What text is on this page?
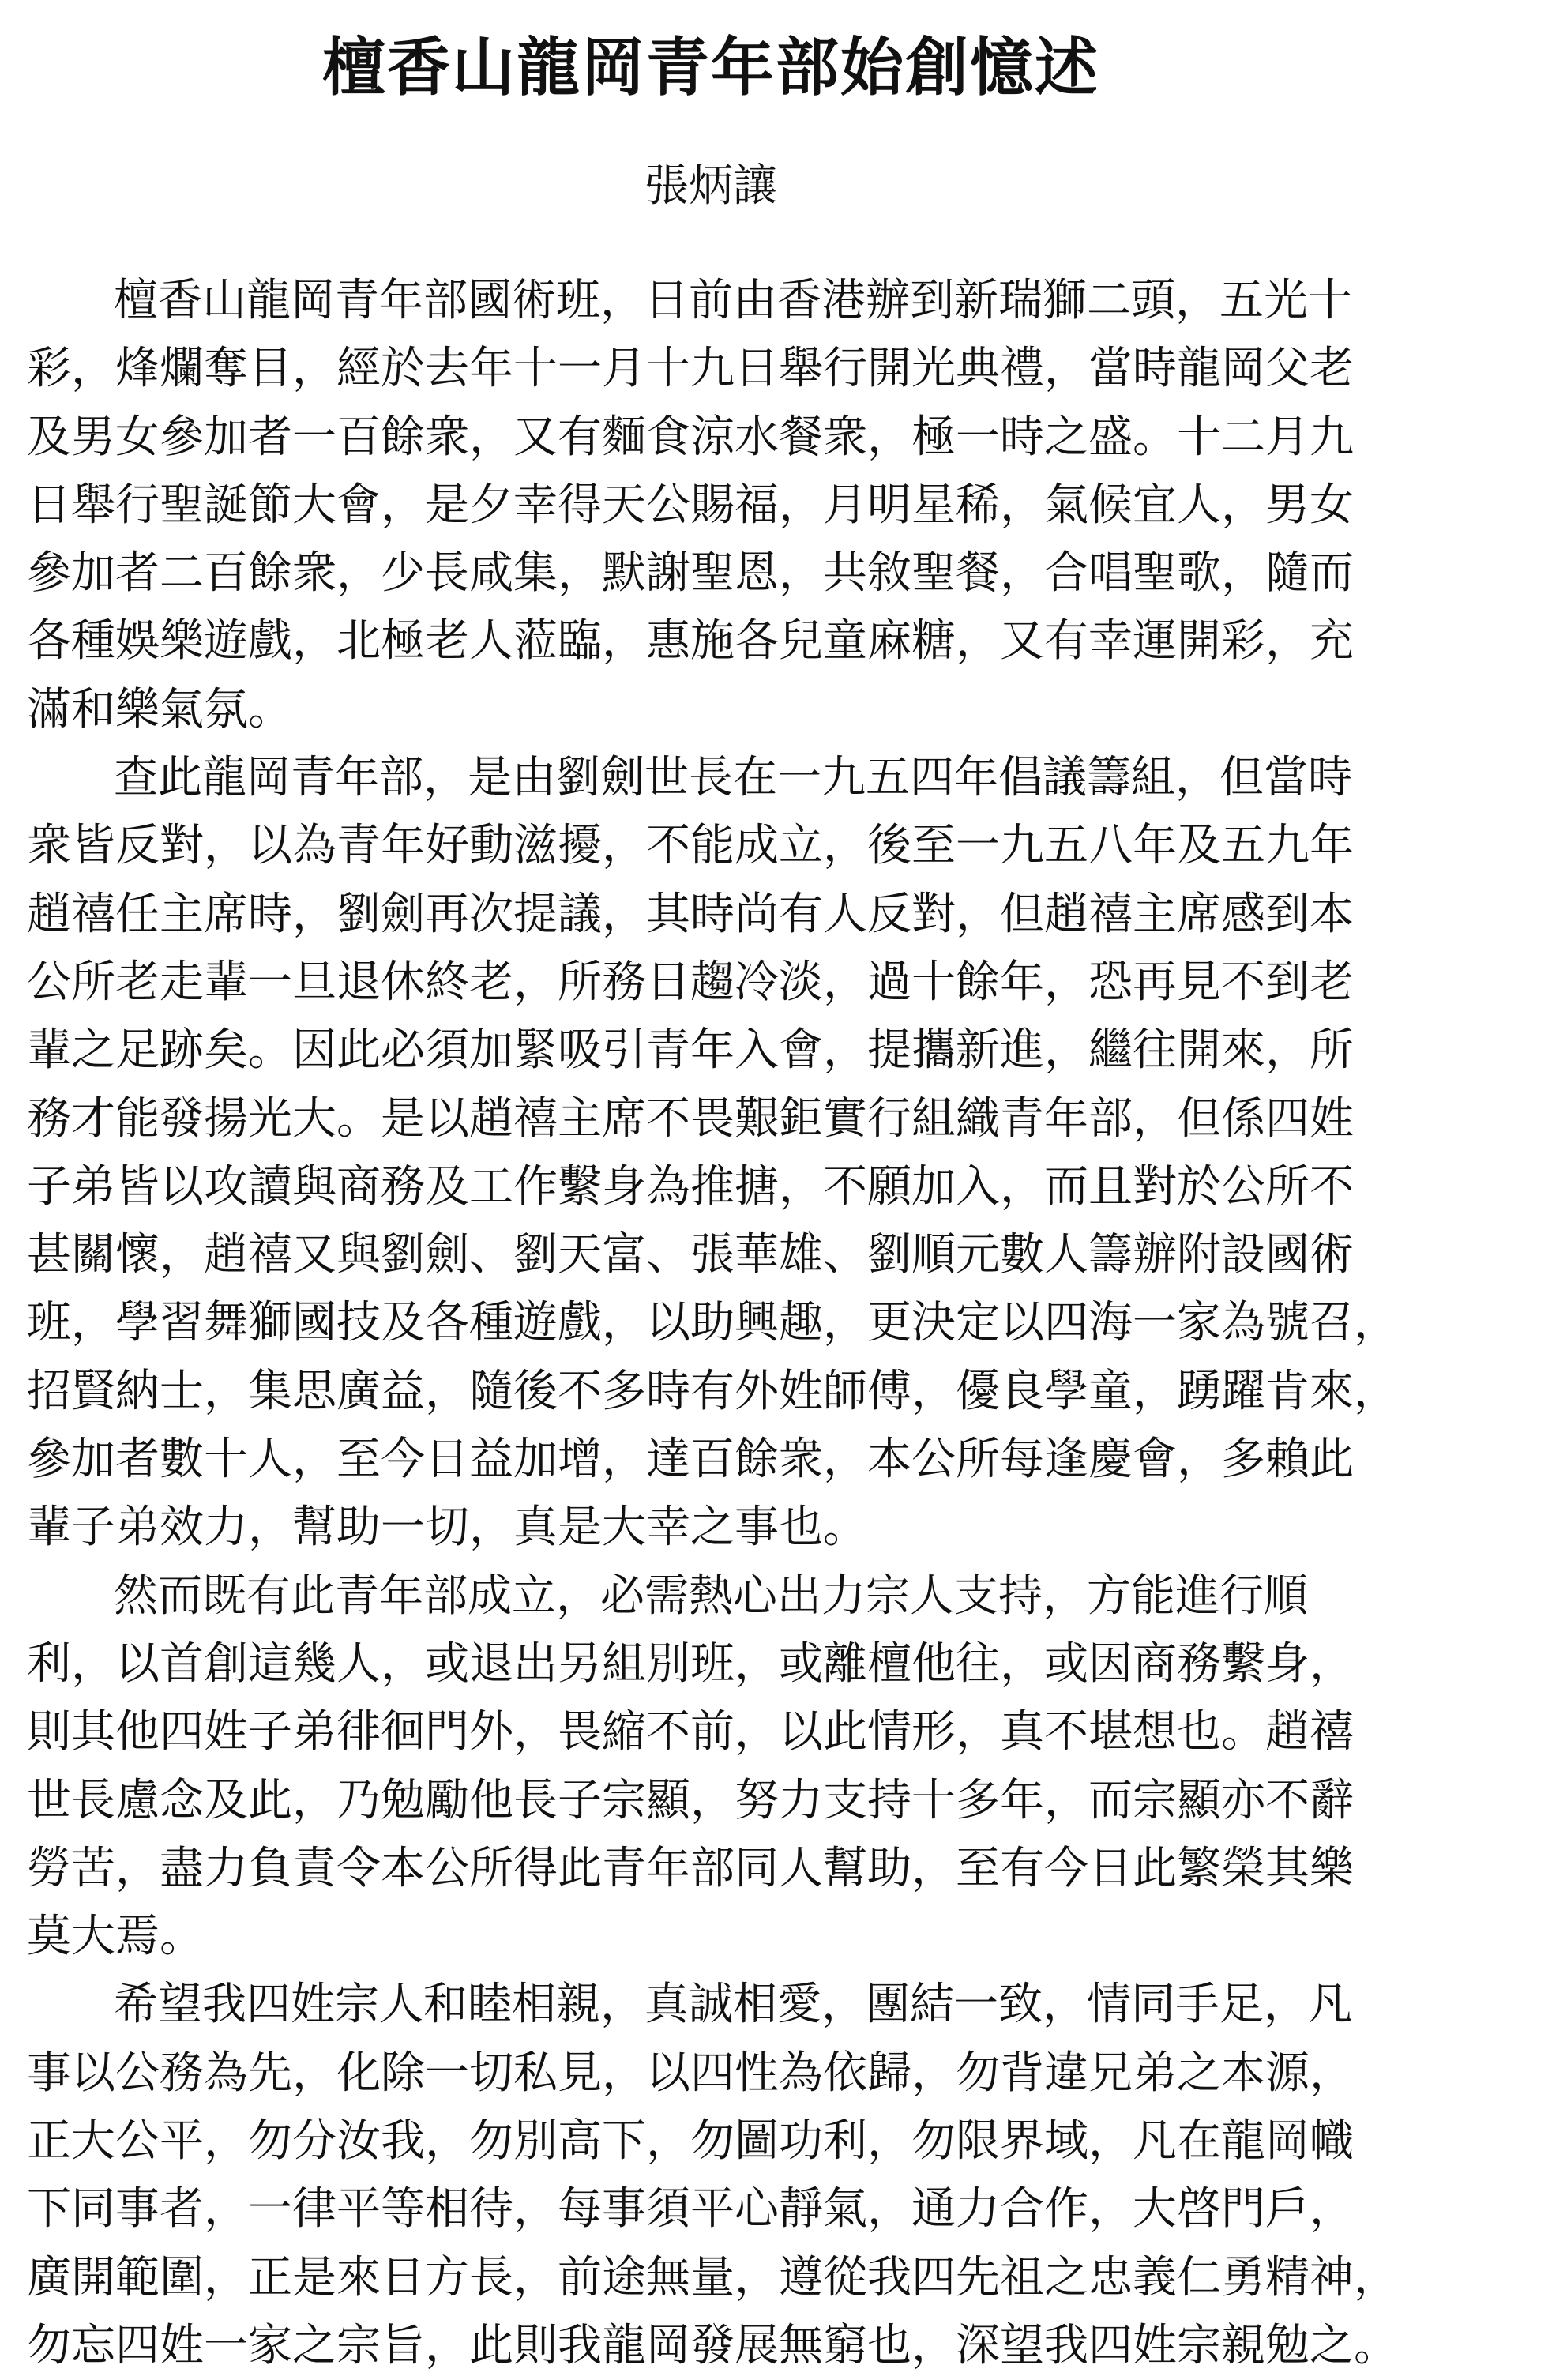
檀香山龍岡青年部始創憶述
張炳讓
檀香山龍岡青年部國術班，日前由香港辦到新瑞獅二頭，五光十
彩，烽爛奪目，經於去年十一月十九日舉行開光典禮，當時龍岡父老
及男女參加者一百餘衆，又有麵食涼水餐衆，極一時之盛。十二月九
日舉行聖誕節大會，是夕幸得天公賜福，月明星稀，氣候宜人，男女
參加者二百餘衆，少長咸集，默謝聖恩，共敘聖餐，合唱聖歌，隨而
各種娛樂遊戲，北極老人蒞臨，惠施各兒童麻糖，又有幸運開彩，充
滿和樂氣氛。
查此龍岡青年部，是由劉劍世長在一九五四年倡議籌組，但當時
衆皆反對，以為青年好動滋擾，不能成立，後至一九五八年及五九年
趙禧任主席時，劉劍再次提議，其時尚有人反對，但趙禧主席感到本
公所老走輩一旦退休終老，所務日趨冷淡，過十餘年，恐再見不到老
輩之足跡矣。因此必須加緊吸引青年入會，提攜新進，繼往開來，所
務才能發揚光大。是以趙禧主席不畏艱鉅實行組織青年部，但係四姓
子弟皆以攻讀與商務及工作繫身為推搪，不願加入，而且對於公所不
甚關懷，趙禧又與劉劍、劉天富、張華雄、劉順元數人籌辦附設國術
班，學習舞獅國技及各種遊戲，以助興趣，更決定以四海一家為號召，
招賢納士，集思廣益，隨後不多時有外姓師傅，優良學童，踴躍肯來，
參加者數十人，至今日益加增，達百餘衆，本公所每逢慶會，多賴此
輩子弟效力，幫助一切，真是大幸之事也。
然而既有此青年部成立，必需熱心出力宗人支持，方能進行順
利，以首創這幾人，或退出另組別班，或離檀他往，或因商務繫身，
則其他四姓子弟徘徊門外，畏縮不前，以此情形，真不堪想也。趙禧
世長慮念及此，乃勉勵他長子宗顯，努力支持十多年，而宗顯亦不辭
勞苦，盡力負責令本公所得此青年部同人幫助，至有今日此繁榮其樂
莫大焉。
希望我四姓宗人和睦相親，真誠相愛，團結一致，情同手足，凡
事以公務為先，化除一切私見，以四性為依歸，勿背違兄弟之本源，
正大公平，勿分汝我，勿別高下，勿圖功利，勿限界域，凡在龍岡幟
下同事者，一律平等相待，每事須平心靜氣，通力合作，大啓門戶，
廣開範圍，正是來日方長，前途無量，遵從我四先祖之忠義仁勇精神，
勿忘四姓一家之宗旨，此則我龍岡發展無窮也，深望我四姓宗親勉之。
